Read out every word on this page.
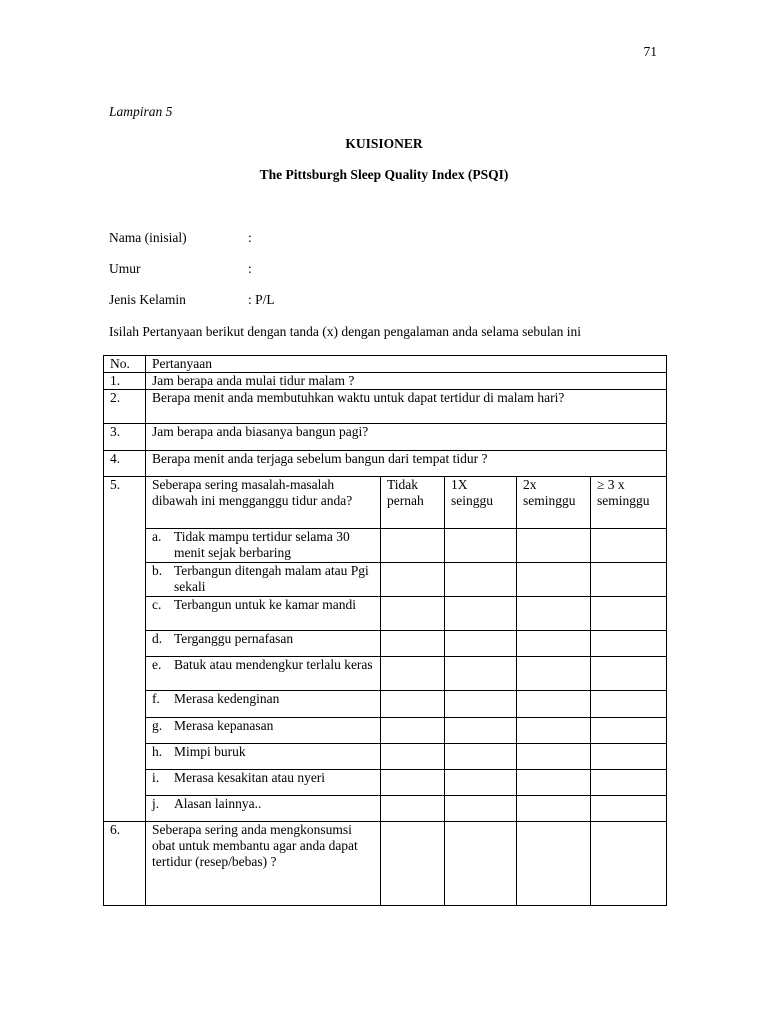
71
Lampiran 5
KUISIONER
The Pittsburgh Sleep Quality Index (PSQI)
Nama (inisial)	:
Umur	:
Jenis Kelamin	: P/L
Isilah Pertanyaan berikut dengan tanda (x) dengan pengalaman anda selama sebulan ini
No.	Pertanyaan				
1.	Jam berapa anda mulai tidur malam ?				
2.	Berapa menit anda membutuhkan waktu untuk dapat tertidur di malam hari?				
3.	Jam berapa anda biasanya bangun pagi?				
4.	Berapa menit anda terjaga sebelum bangun dari tempat tidur ?				
5.	Seberapa sering masalah-masalah dibawah ini mengganggu tidur anda?	Tidak pernah	1X seinggu	2x seminggu	≥ 3 x seminggu

	a. Tidak mampu tertidur selama 30 menit sejak berbaring				

	b. Terbangun ditengah malam atau Pgi sekali				

	c. Terbangun untuk ke kamar mandi				

	d. Terganggu pernafasan				

	e. Batuk atau mendengkur terlalu keras				

	f. Merasa kedenginan				

	g. Merasa kepanasan				

	h. Mimpi buruk				

	i. Merasa kesakitan atau nyeri				

	j. Alasan lainnya..				

6.	Seberapa sering anda mengkonsumsi obat untuk membantu agar anda dapat tertidur (resep/bebas) ?				
